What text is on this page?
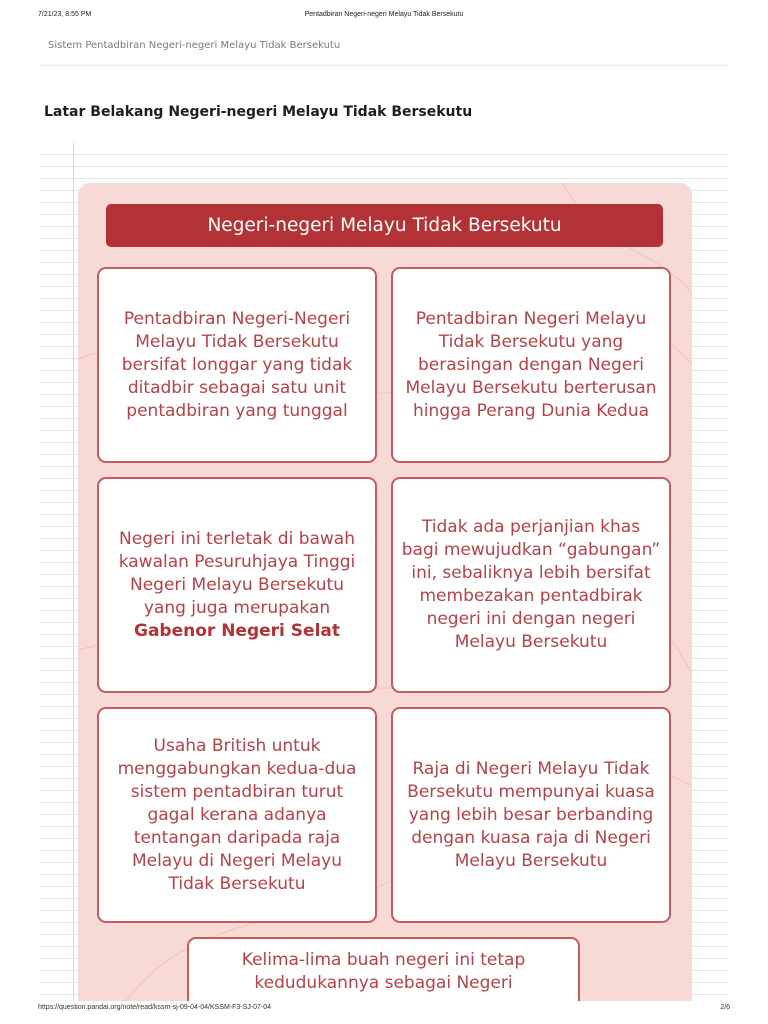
7/21/23, 8:55 PM	Pentadbiran Negeri-negeri Melayu Tidak Bersekutu
Sistem Pentadbiran Negeri-negeri Melayu Tidak Bersekutu
Latar Belakang Negeri-negeri Melayu Tidak Bersekutu
Negeri-negeri Melayu Tidak Bersekutu
Pentadbiran Negeri-Negeri Melayu Tidak Bersekutu bersifat longgar yang tidak ditadbir sebagai satu unit pentadbiran yang tunggal
Pentadbiran Negeri Melayu Tidak Bersekutu yang berasingan dengan Negeri Melayu Bersekutu berterusan hingga Perang Dunia Kedua
Negeri ini terletak di bawah kawalan Pesuruhjaya Tinggi Negeri Melayu Bersekutu yang juga merupakan Gabenor Negeri Selat
Tidak ada perjanjian khas bagi mewujudkan “gabungan” ini, sebaliknya lebih bersifat membezakan pentadbirak negeri ini dengan negeri Melayu Bersekutu
Usaha British untuk menggabungkan kedua-dua sistem pentadbiran turut gagal kerana adanya tentangan daripada raja Melayu di Negeri Melayu Tidak Bersekutu
Raja di Negeri Melayu Tidak Bersekutu mempunyai kuasa yang lebih besar berbanding dengan kuasa raja di Negeri Melayu Bersekutu
Kelima-lima buah negeri ini tetap kedudukannya sebagai Negeri
https://question.pandai.org/note/read/kssm-sj-09-04-04/KSSM-F3-SJ-07-04	2/6
